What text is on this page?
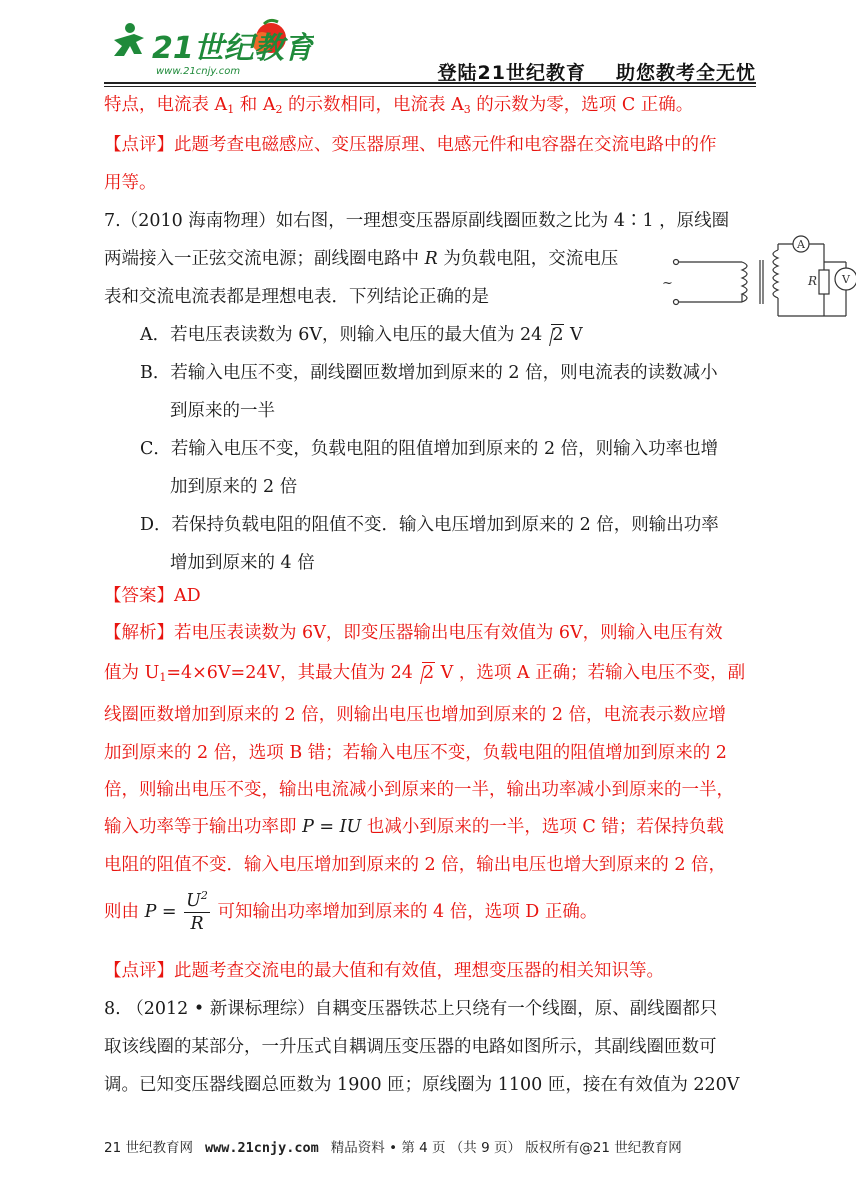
21世纪教育
www.21cnjy.com	登陆21世纪教育 助您教考全无忧
特点，电流表 $A_1$ 和 $A_2$ 的示数相同，电流表 $A_3$ 的示数为零，选项 C 正确。
【点评】此题考查电磁感应、变压器原理、电感元件和电容器在交流电路中的作
用等。
7.（2010 海南物理）如右图，一理想变压器原副线圈匝数之比为 4∶1 ，原线圈
两端接入一正弦交流电源；副线圈电路中 R 为负载电阻，交流电压
表和交流电流表都是理想电表．下列结论正确的是
~
A
V
R
A．若电压表读数为 6V，则输入电压的最大值为 24 2 V
B．若输入电压不变，副线圈匝数增加到原来的 2 倍，则电流表的读数减小
到原来的一半
C．若输入电压不变，负载电阻的阻值增加到原来的 2 倍，则输入功率也增
加到原来的 2 倍
D．若保持负载电阻的阻值不变．输入电压增加到原来的 2 倍，则输出功率
增加到原来的 4 倍
【答案】AD
【解析】若电压表读数为 6V，即变压器输出电压有效值为 6V，则输入电压有效
值为 $U_1=4\times 6V=24V$，其最大值为 24 2 V ，选项 A 正确；若输入电压不变，副
线圈匝数增加到原来的 2 倍，则输出电压也增加到原来的 2 倍，电流表示数应增
加到原来的 2 倍，选项 B 错；若输入电压不变，负载电阻的阻值增加到原来的 2
倍，则输出电压不变，输出电流减小到原来的一半，输出功率减小到原来的一半，
输入功率等于输出功率即 P = IU 也减小到原来的一半，选项 C 错；若保持负载
电阻的阻值不变．输入电压增加到原来的 2 倍，输出电压也增大到原来的 2 倍，
则由 $P = \frac{U^2}{R}$ 可知输出功率增加到原来的 4 倍，选项 D 正确。
【点评】此题考查交流电的最大值和有效值，理想变压器的相关知识等。
8. （2012 • 新课标理综）自耦变压器铁芯上只绕有一个线圈，原、副线圈都只
取该线圈的某部分，一升压式自耦调压变压器的电路如图所示，其副线圈匝数可
调。已知变压器线圈总匝数为 1900 匝；原线圈为 1100 匝，接在有效值为 220V
21 世纪教育网 www.21cnjy.com 精品资料 • 第 4 页 （共 9 页） 版权所有@21 世纪教育网
